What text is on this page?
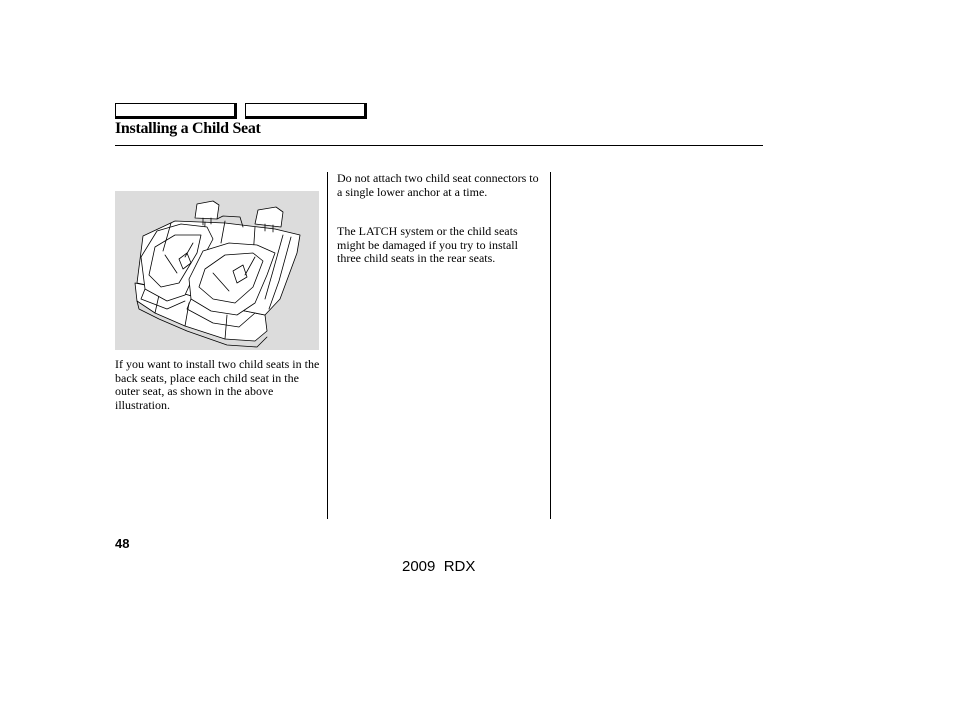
Installing a Child Seat

If you want to install two child seats in the back seats, place each child seat in the outer seat, as shown in the above illustration.

Do not attach two child seat connectors to a single lower anchor at a time.

The LATCH system or the child seats might be damaged if you try to install three child seats in the rear seats.

48
2009  RDX
